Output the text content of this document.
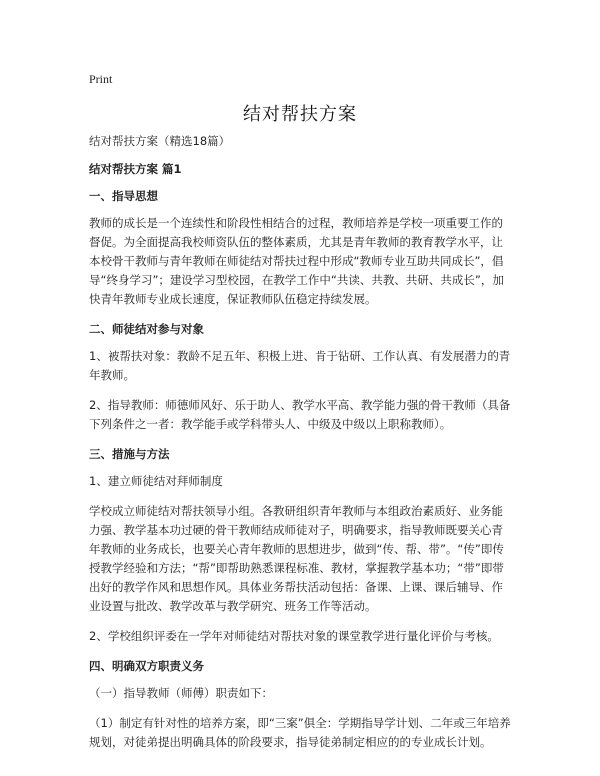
Print
结对帮扶方案

结对帮扶方案（精选18篇）

结对帮扶方案 篇1

一、指导思想

教师的成长是一个连续性和阶段性相结合的过程，教师培养是学校一项重要工作的督促。为全面提高我校师资队伍的整体素质，尤其是青年教师的教育教学水平，让本校骨干教师与青年教师在师徒结对帮扶过程中形成“教师专业互助共同成长”，倡导“终身学习”；建设学习型校园，在教学工作中“共读、共教、共研、共成长”，加快青年教师专业成长速度，保证教师队伍稳定持续发展。

二、师徒结对参与对象

1、被帮扶对象：教龄不足五年、积极上进、肯于钻研、工作认真、有发展潜力的青年教师。

2、指导教师：师德师风好、乐于助人、教学水平高、教学能力强的骨干教师（具备下列条件之一者：教学能手或学科带头人、中级及中级以上职称教师）。

三、措施与方法

1、建立师徒结对拜师制度

学校成立师徒结对帮扶领导小组。各教研组织青年教师与本组政治素质好、业务能力强、教学基本功过硬的骨干教师结成师徒对子，明确要求，指导教师既要关心青年教师的业务成长，也要关心青年教师的思想进步，做到“传、帮、带”。“传”即传授教学经验和方法；“帮”即帮助熟悉课程标准、教材，掌握教学基本功；“带”即带出好的教学作风和思想作风。具体业务帮扶活动包括：备课、上课、课后辅导、作业设置与批改、教学改革与教学研究、班务工作等活动。

2、学校组织评委在一学年对师徒结对帮扶对象的课堂教学进行量化评价与考核。

四、明确双方职责义务

（一）指导教师（师傅）职责如下：

（1）制定有针对性的培养方案，即“三案”俱全：学期指导学计划、二年或三年培养规划，对徒弟提出明确具体的阶段要求，指导徒弟制定相应的的专业成长计划。
